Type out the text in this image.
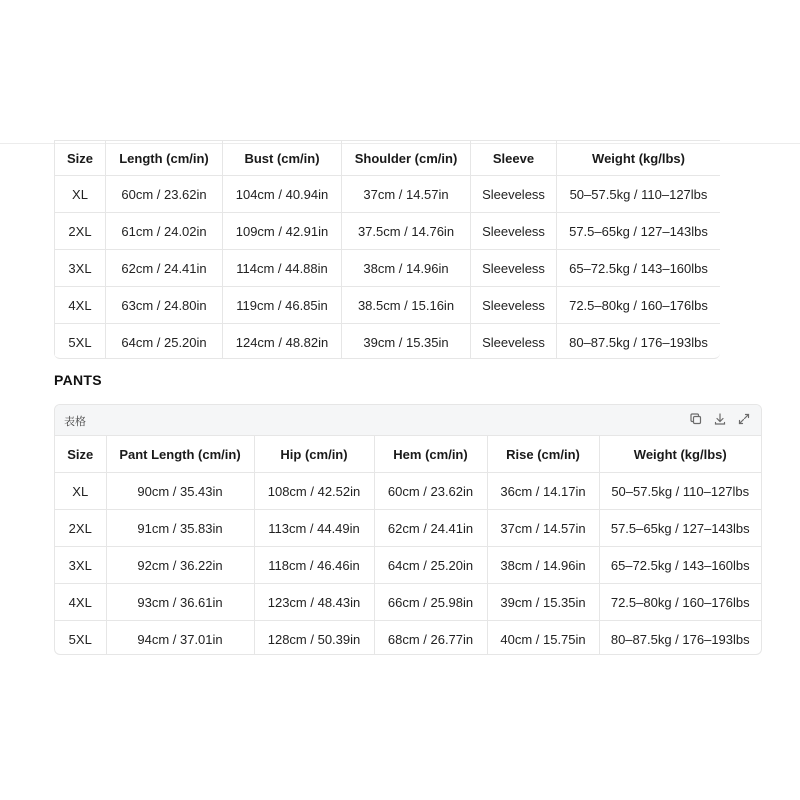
Size	Length (cm/in)	Bust (cm/in)	Shoulder (cm/in)	Sleeve	Weight (kg/lbs)
XL	60cm / 23.62in	104cm / 40.94in	37cm / 14.57in	Sleeveless	50–57.5kg / 110–127lbs
2XL	61cm / 24.02in	109cm / 42.91in	37.5cm / 14.76in	Sleeveless	57.5–65kg / 127–143lbs
3XL	62cm / 24.41in	114cm / 44.88in	38cm / 14.96in	Sleeveless	65–72.5kg / 143–160lbs
4XL	63cm / 24.80in	119cm / 46.85in	38.5cm / 15.16in	Sleeveless	72.5–80kg / 160–176lbs
5XL	64cm / 25.20in	124cm / 48.82in	39cm / 15.35in	Sleeveless	80–87.5kg / 176–193lbs
PANTS
表格
Size	Pant Length (cm/in)	Hip (cm/in)	Hem (cm/in)	Rise (cm/in)	Weight (kg/lbs)
XL	90cm / 35.43in	108cm / 42.52in	60cm / 23.62in	36cm / 14.17in	50–57.5kg / 110–127lbs
2XL	91cm / 35.83in	113cm / 44.49in	62cm / 24.41in	37cm / 14.57in	57.5–65kg / 127–143lbs
3XL	92cm / 36.22in	118cm / 46.46in	64cm / 25.20in	38cm / 14.96in	65–72.5kg / 143–160lbs
4XL	93cm / 36.61in	123cm / 48.43in	66cm / 25.98in	39cm / 15.35in	72.5–80kg / 160–176lbs
5XL	94cm / 37.01in	128cm / 50.39in	68cm / 26.77in	40cm / 15.75in	80–87.5kg / 176–193lbs
